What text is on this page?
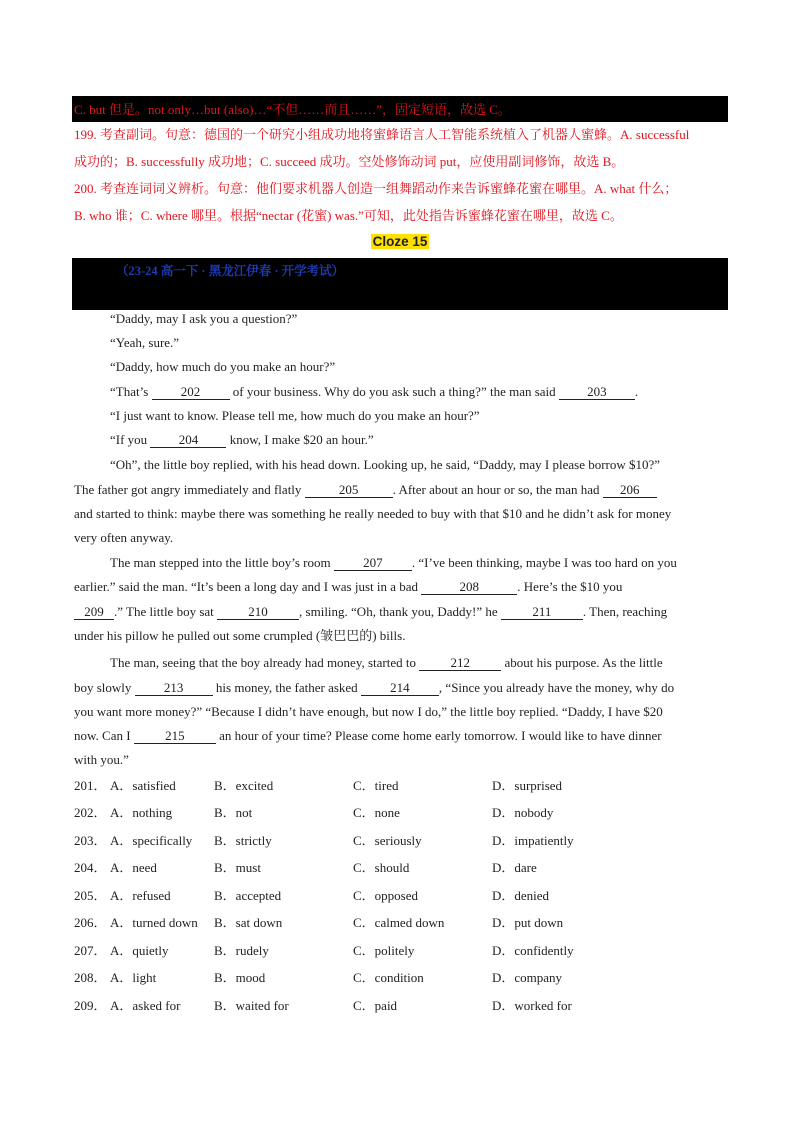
C. but 但是。not only…but (also)…“不但……而且……”，固定短语，故选 C。
199. 考查副词。句意：德国的一个研究小组成功地将蜜蜂语言人工智能系统植入了机器人蜜蜂。A. successful
成功的；B. successfully 成功地；C. succeed 成功。空处修饰动词 put，应使用副词修饰，故选 B。
200. 考查连词词义辨析。句意：他们要求机器人创造一组舞蹈动作来告诉蜜蜂花蜜在哪里。A. what 什么；
B. who 谁；C. where 哪里。根据“nectar (花蜜) was.”可知，此处指告诉蜜蜂花蜜在哪里，故选 C。
Cloze 15
（23-24 高一下 · 黑龙江伊春 · 开学考试）
“Daddy, may I ask you a question?”
“Yeah, sure.”
“Daddy, how much do you make an hour?”
“That’s 202 of your business. Why do you ask such a thing?” the man said 203 .
“I just want to know. Please tell me, how much do you make an hour?”
“If you 204 know, I make $20 an hour.”
“Oh”, the little boy replied, with his head down. Looking up, he said, “Daddy, may I please borrow $10?”
The father got angry immediately and flatly	205	. After about an hour or so, the man had 206
and started to think: maybe there was something he really needed to buy with that $10 and he didn’t ask for money
very often anyway.
The man stepped into the little boy’s room 207 . “I’ve been thinking, maybe I was too hard on you
earlier.” said the man. “It’s been a long day and I was just in a bad	208	. Here’s the $10 you
209 .” The little boy sat 210 , smiling. “Oh, thank you, Daddy!” he 211 . Then, reaching
under his pillow he pulled out some crumpled (皱巴巴的) bills.
The man, seeing that the boy already had money, started to 212 about his purpose. As the little
boy slowly 213 his money, the father asked 214 , “Since you already have the money, why do
you want more money?” “Because I didn’t have enough, but now I do,” the little boy replied. “Daddy, I have $20
now. Can I 215 an hour of your time? Please come home early tomorrow. I would like to have dinner
with you.”
201． A．satisfied	B．excited	C．tired	D．surprised
202． A．nothing	B．not	C．none	D．nobody
203． A．specifically B．strictly	C．seriously	D．impatiently
204． A．need	B．must	C．should	D．dare
205． A．refused	B．accepted	C．opposed	D．denied
206． A．turned down B．sat down	C．calmed down	D．put down
207． A．quietly	B．rudely	C．politely	D．confidently
208． A．light	B．mood	C．condition	D．company
209． A．asked for	B．waited for	C．paid	D．worked for
